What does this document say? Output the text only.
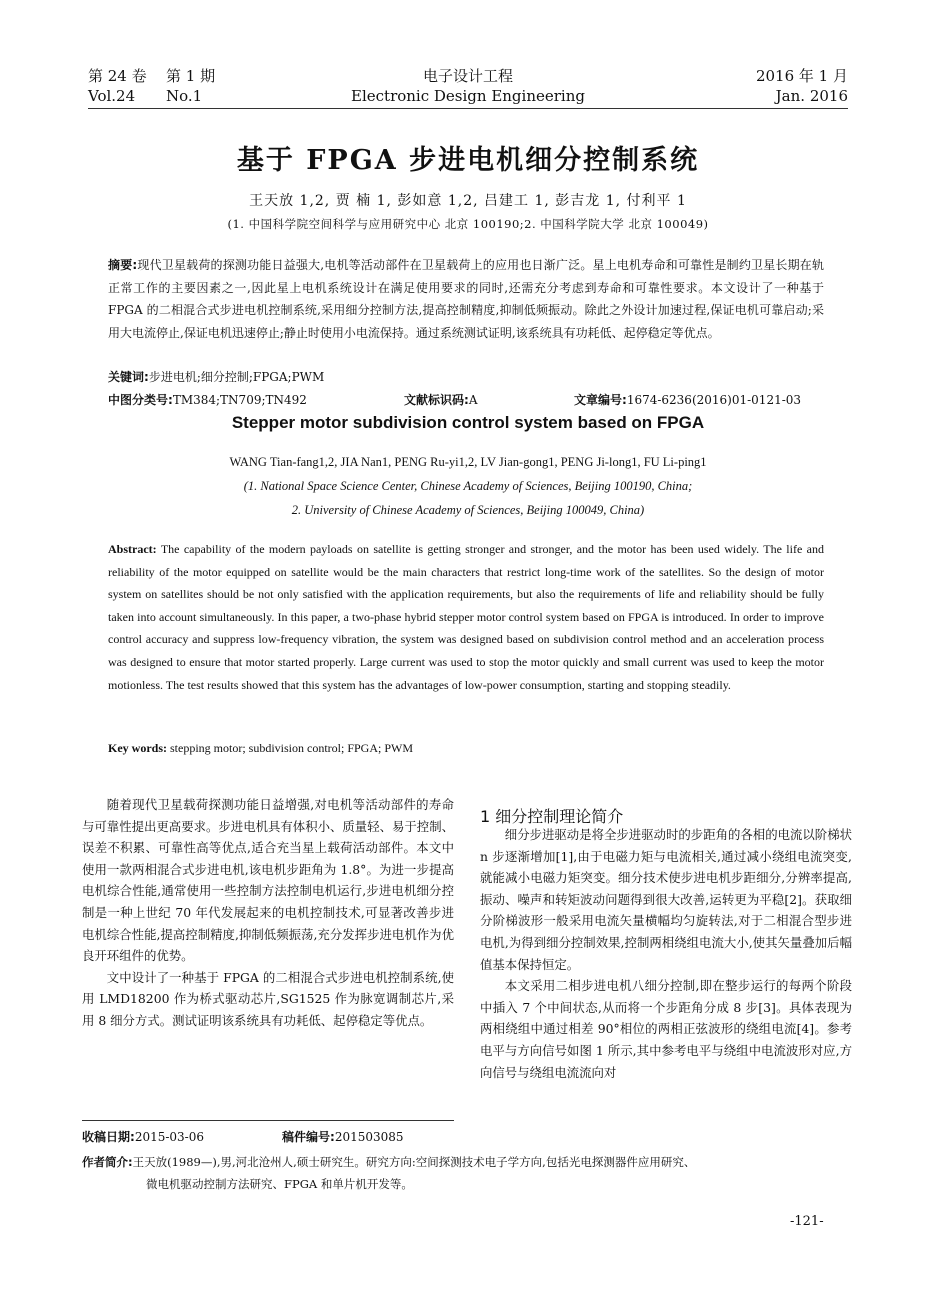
第 24 卷 第 1 期
Vol.24 No.1
电子设计工程
Electronic Design Engineering
2016 年 1 月
Jan. 2016
基于 FPGA 步进电机细分控制系统
王天放 1,2, 贾 楠 1, 彭如意 1,2, 吕建工 1, 彭吉龙 1, 付利平 1
(1. 中国科学院空间科学与应用研究中心 北京 100190;2. 中国科学院大学 北京 100049)
摘要:现代卫星载荷的探测功能日益强大,电机等活动部件在卫星载荷上的应用也日渐广泛。星上电机寿命和可靠性是制约卫星长期在轨正常工作的主要因素之一,因此星上电机系统设计在满足使用要求的同时,还需充分考虑到寿命和可靠性要求。本文设计了一种基于 FPGA 的二相混合式步进电机控制系统,采用细分控制方法,提高控制精度,抑制低频振动。除此之外设计加速过程,保证电机可靠启动;采用大电流停止,保证电机迅速停止;静止时使用小电流保持。通过系统测试证明,该系统具有功耗低、起停稳定等优点。
关键词:步进电机;细分控制;FPGA;PWM
中图分类号:TM384;TN709;TN492	文献标识码:A	文章编号:1674-6236(2016)01-0121-03
Stepper motor subdivision control system based on FPGA
WANG Tian-fang1,2, JIA Nan1, PENG Ru-yi1,2, LV Jian-gong1, PENG Ji-long1, FU Li-ping1
(1. National Space Science Center, Chinese Academy of Sciences, Beijing 100190, China;
2. University of Chinese Academy of Sciences, Beijing 100049, China)
Abstract: The capability of the modern payloads on satellite is getting stronger and stronger, and the motor has been used widely. The life and reliability of the motor equipped on satellite would be the main characters that restrict long-time work of the satellites. So the design of motor system on satellites should be not only satisfied with the application requirements, but also the requirements of life and reliability should be fully taken into account simultaneously. In this paper, a two-phase hybrid stepper motor control system based on FPGA is introduced. In order to improve control accuracy and suppress low-frequency vibration, the system was designed based on subdivision control method and an acceleration process was designed to ensure that motor started properly. Large current was used to stop the motor quickly and small current was used to keep the motor motionless. The test results showed that this system has the advantages of low-power consumption, starting and stopping steadily.
Key words: stepping motor; subdivision control; FPGA; PWM

随着现代卫星载荷探测功能日益增强,对电机等活动部件的寿命与可靠性提出更高要求。步进电机具有体积小、质量轻、易于控制、误差不积累、可靠性高等优点,适合充当星上载荷活动部件。本文中使用一款两相混合式步进电机,该电机步距角为 1.8°。为进一步提高电机综合性能,通常使用一些控制方法控制电机运行,步进电机细分控制是一种上世纪 70 年代发展起来的电机控制技术,可显著改善步进电机综合性能,提高控制精度,抑制低频振荡,充分发挥步进电机作为优良开环组件的优势。

文中设计了一种基于 FPGA 的二相混合式步进电机控制系统,使用 LMD18200 作为桥式驱动芯片,SG1525 作为脉宽调制芯片,采用 8 细分方式。测试证明该系统具有功耗低、起停稳定等优点。

1 细分控制理论简介

细分步进驱动是将全步进驱动时的步距角的各相的电流以阶梯状 n 步逐渐增加[1],由于电磁力矩与电流相关,通过减小绕组电流突变,就能减小电磁力矩突变。细分技术使步进电机步距细分,分辨率提高,振动、噪声和转矩波动问题得到很大改善,运转更为平稳[2]。获取细分阶梯波形一般采用电流矢量横幅均匀旋转法,对于二相混合型步进电机,为得到细分控制效果,控制两相绕组电流大小,使其矢量叠加后幅值基本保持恒定。

本文采用二相步进电机八细分控制,即在整步运行的每两个阶段中插入 7 个中间状态,从而将一个步距角分成 8 步[3]。具体表现为两相绕组中通过相差 90°相位的两相正弦波形的绕组电流[4]。参考电平与方向信号如图 1 所示,其中参考电平与绕组中电流波形对应,方向信号与绕组电流流向对

收稿日期:2015-03-06	稿件编号:201503085
作者简介:王天放(1989—),男,河北沧州人,硕士研究生。研究方向:空间探测技术电子学方向,包括光电探测器件应用研究、
微电机驱动控制方法研究、FPGA 和单片机开发等。
-121-
